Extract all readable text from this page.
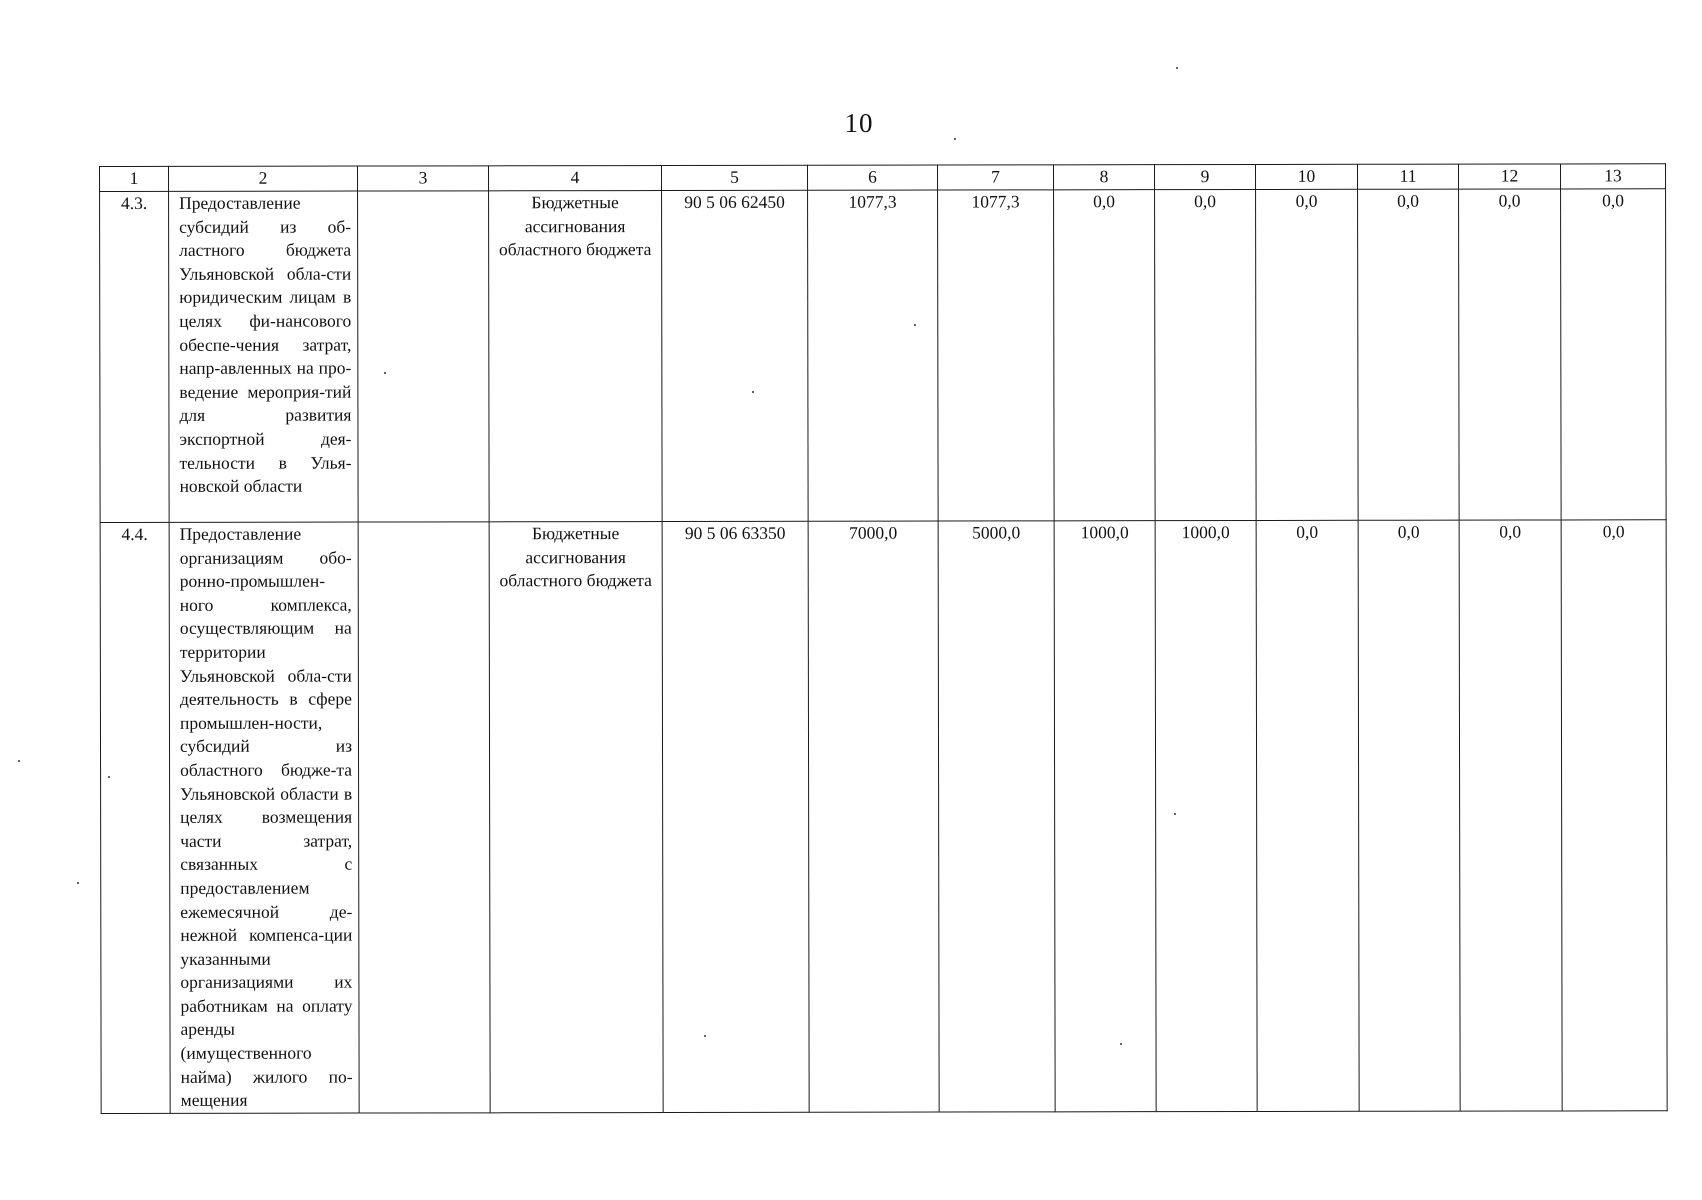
10
1	2	3	4	5	6	7	8	9	10	11	12	13
4.3.	Предоставление субсидий из об-ластного бюджета Ульяновской обла-сти юридическим лицам в целях фи-нансового обеспе-чения затрат, напр-авленных на про-ведение мероприя-тий для развития экспортной дея-тельности в Улья-новской области		Бюджетные ассигнования областного бюджета	90 5 06 62450	1077,3	1077,3	0,0	0,0	0,0	0,0	0,0	0,0
4.4.	Предоставление организациям обо-ронно-промышлен-ного комплекса, осуществляющим на территории Ульяновской обла-сти деятельность в сфере промышлен-ности, субсидий из областного бюдже-та Ульяновской области в целях возмещения части затрат, связанных с предоставлением ежемесячной де-нежной компенса-ции указанными организациями их работникам на оплату аренды (имущественного найма) жилого по-мещения		Бюджетные ассигнования областного бюджета	90 5 06 63350	7000,0	5000,0	1000,0	1000,0	0,0	0,0	0,0	0,0
